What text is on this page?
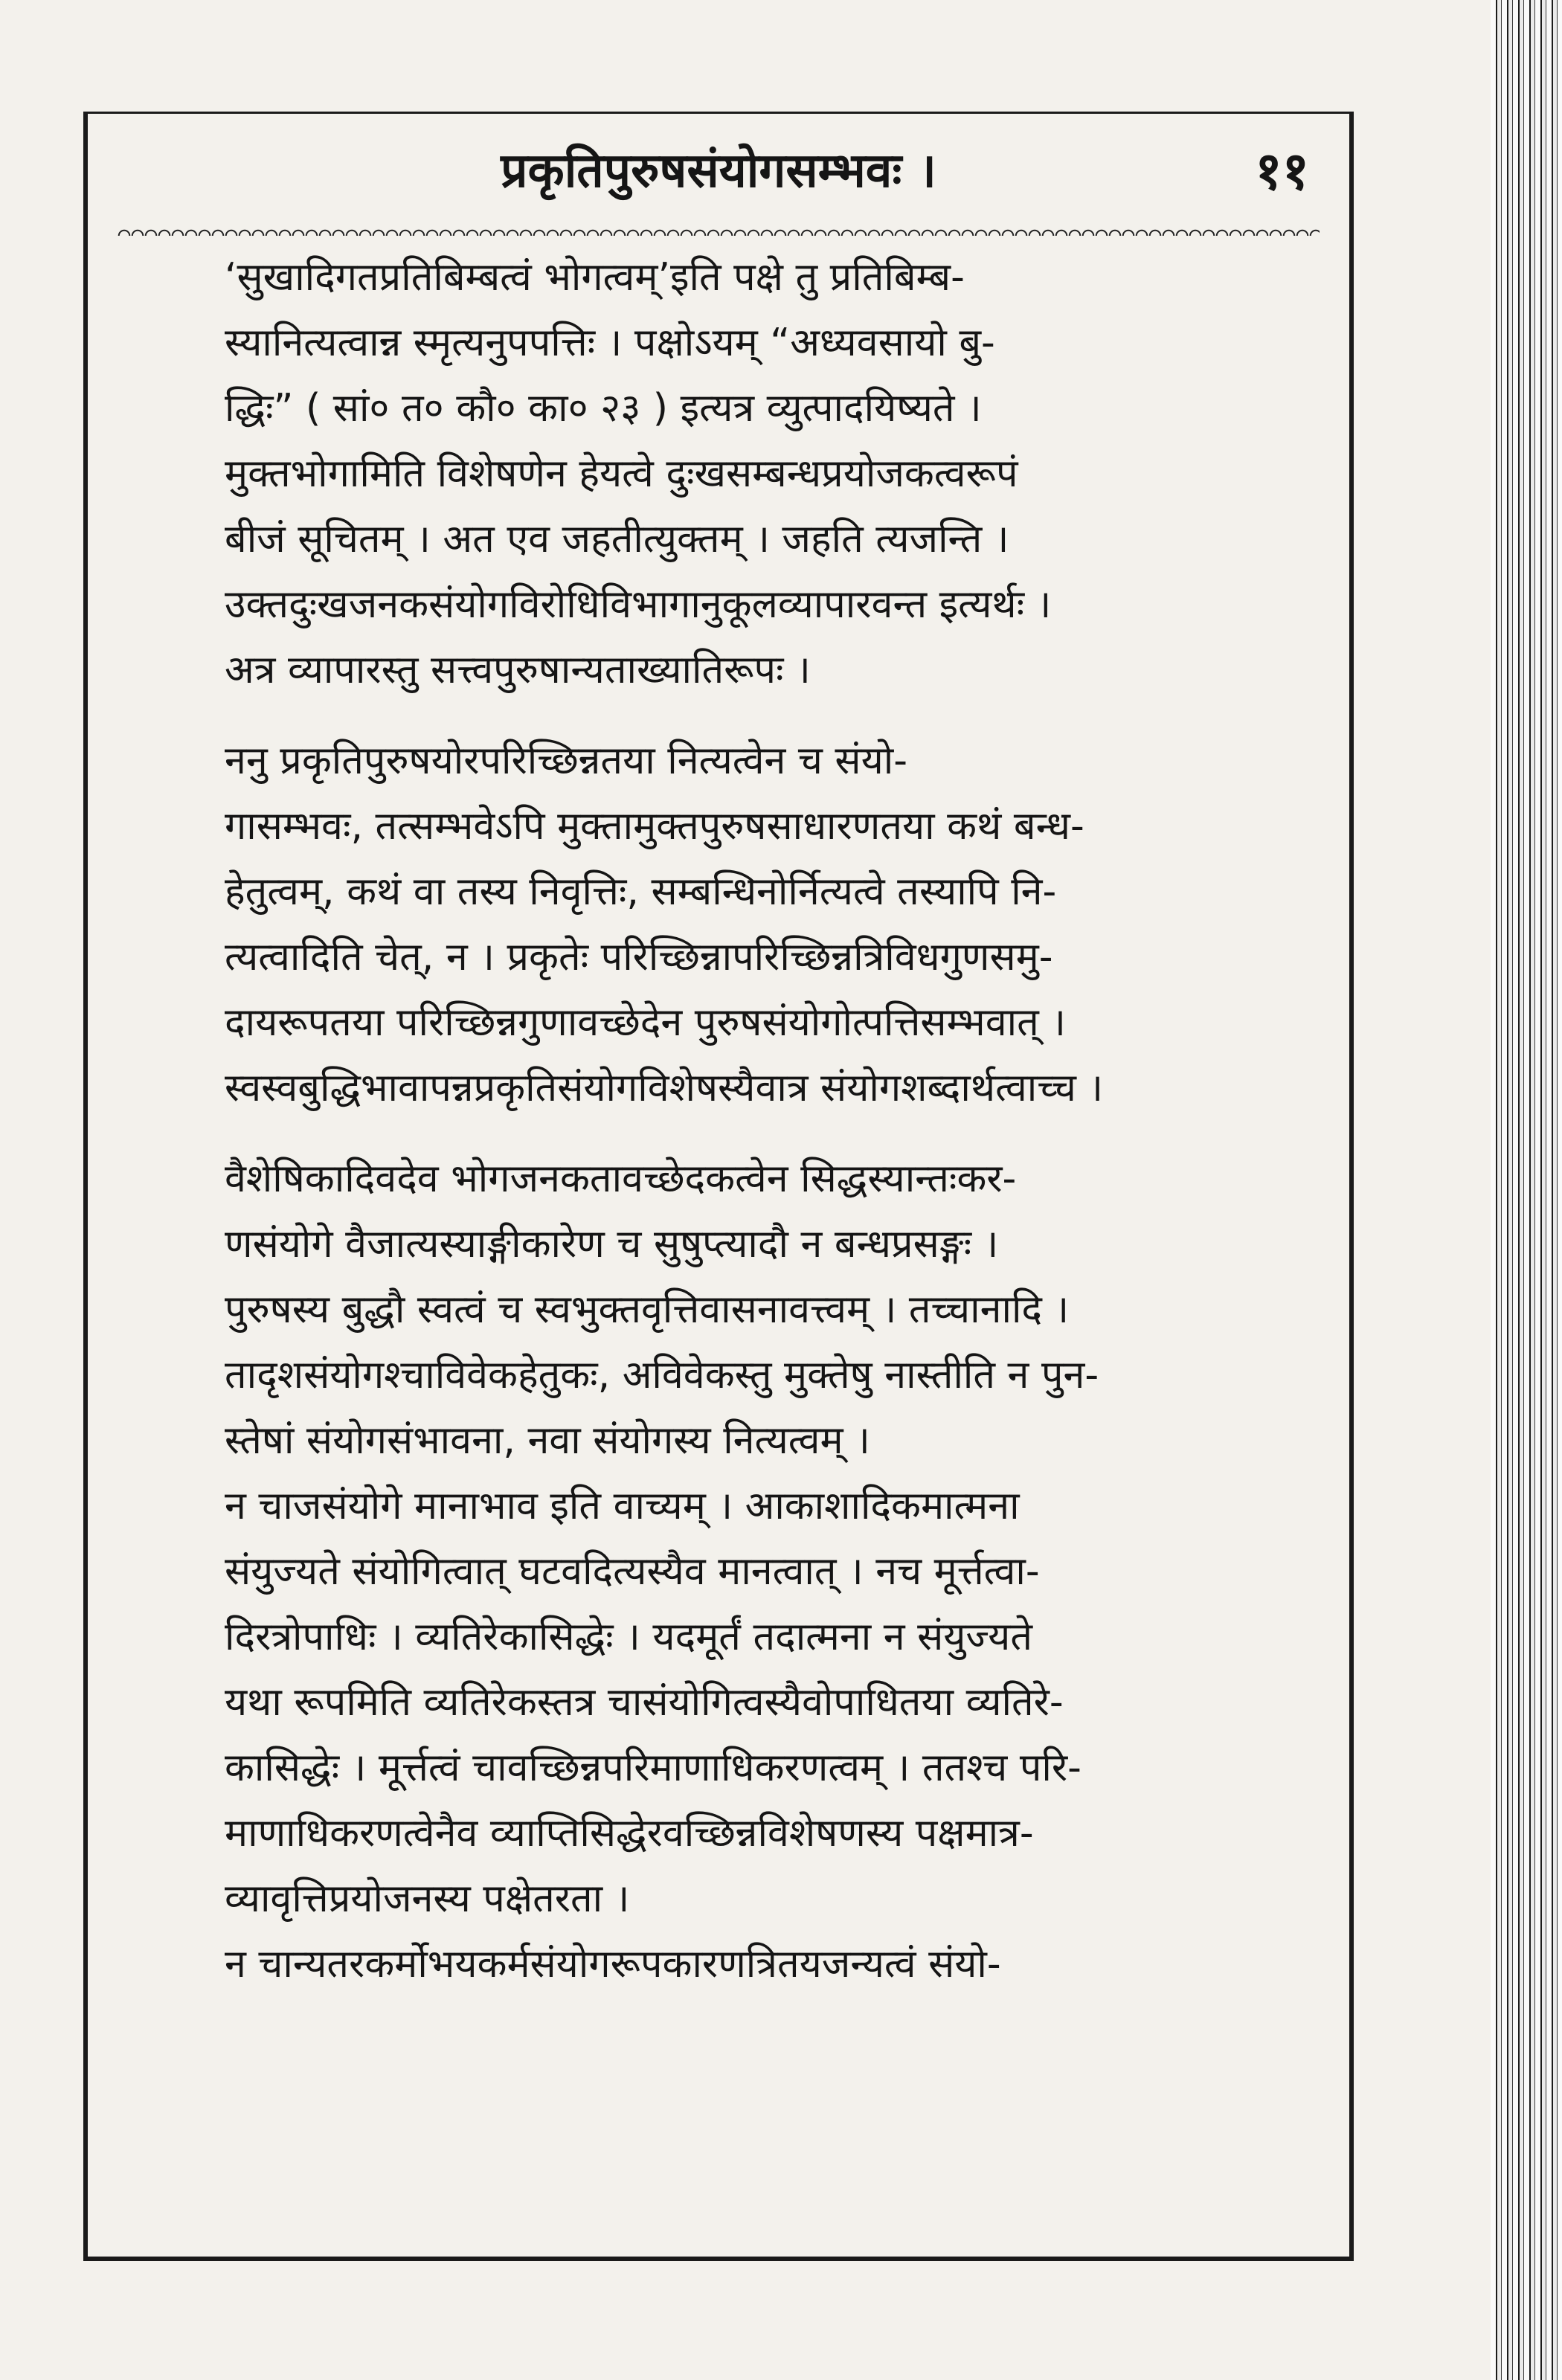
प्रकृतिपुरुषसंयोगसम्भवः ।	११

‘सुखादिगतप्रतिबिम्बत्वं भोगत्वम्’इति पक्षे तु प्रतिबिम्ब-
स्यानित्यत्वान्न स्मृत्यनुपपत्तिः । पक्षोऽयम् “अध्यवसायो बु-
द्धिः” ( सां० त० कौ० का० २३ ) इत्यत्र व्युत्पादयिष्यते ।

मुक्तभोगामिति विशेषणेन हेयत्वे दुःखसम्बन्धप्रयोजकत्वरूपं
बीजं सूचितम् । अत एव जहतीत्युक्तम् । जहति त्यजन्ति ।
उक्तदुःखजनकसंयोगविरोधिविभागानुकूलव्यापारवन्त इत्यर्थः ।
अत्र व्यापारस्तु सत्त्वपुरुषान्यताख्यातिरूपः ।

ननु प्रकृतिपुरुषयोरपरिच्छिन्नतया नित्यत्वेन च संयो-
गासम्भवः, तत्सम्भवेऽपि मुक्तामुक्तपुरुषसाधारणतया कथं बन्ध-
हेतुत्वम्, कथं वा तस्य निवृत्तिः, सम्बन्धिनोर्नित्यत्वे तस्यापि नि-
त्यत्वादिति चेत्, न । प्रकृतेः परिच्छिन्नापरिच्छिन्नत्रिविधगुणसमु-
दायरूपतया परिच्छिन्नगुणावच्छेदेन पुरुषसंयोगोत्पत्तिसम्भवात् ।
स्वस्वबुद्धिभावापन्नप्रकृतिसंयोगविशेषस्यैवात्र संयोगशब्दार्थत्वाच्च ।

वैशेषिकादिवदेव भोगजनकतावच्छेदकत्वेन सिद्धस्यान्तःकर-
णसंयोगे वैजात्यस्याङ्गीकारेण च सुषुप्त्यादौ न बन्धप्रसङ्गः ।

पुरुषस्य बुद्धौ स्वत्वं च स्वभुक्तवृत्तिवासनावत्त्वम् । तच्चानादि ।
तादृशसंयोगश्चाविवेकहेतुकः, अविवेकस्तु मुक्तेषु नास्तीति न पुन-
स्तेषां संयोगसंभावना, नवा संयोगस्य नित्यत्वम् ।

न चाजसंयोगे मानाभाव इति वाच्यम् । आकाशादिकमात्मना
संयुज्यते संयोगित्वात् घटवदित्यस्यैव मानत्वात् । नच मूर्त्तत्वा-
दिरत्रोपाधिः । व्यतिरेकासिद्धेः । यदमूर्तं तदात्मना न संयुज्यते
यथा रूपमिति व्यतिरेकस्तत्र चासंयोगित्वस्यैवोपाधितया व्यतिरे-
कासिद्धेः । मूर्त्तत्वं चावच्छिन्नपरिमाणाधिकरणत्वम् । ततश्च परि-
माणाधिकरणत्वेनैव व्याप्तिसिद्धेरवच्छिन्नविशेषणस्य पक्षमात्र-
व्यावृत्तिप्रयोजनस्य पक्षेतरता ।

न चान्यतरकर्मोभयकर्मसंयोगरूपकारणत्रितयजन्यत्वं संयो-
